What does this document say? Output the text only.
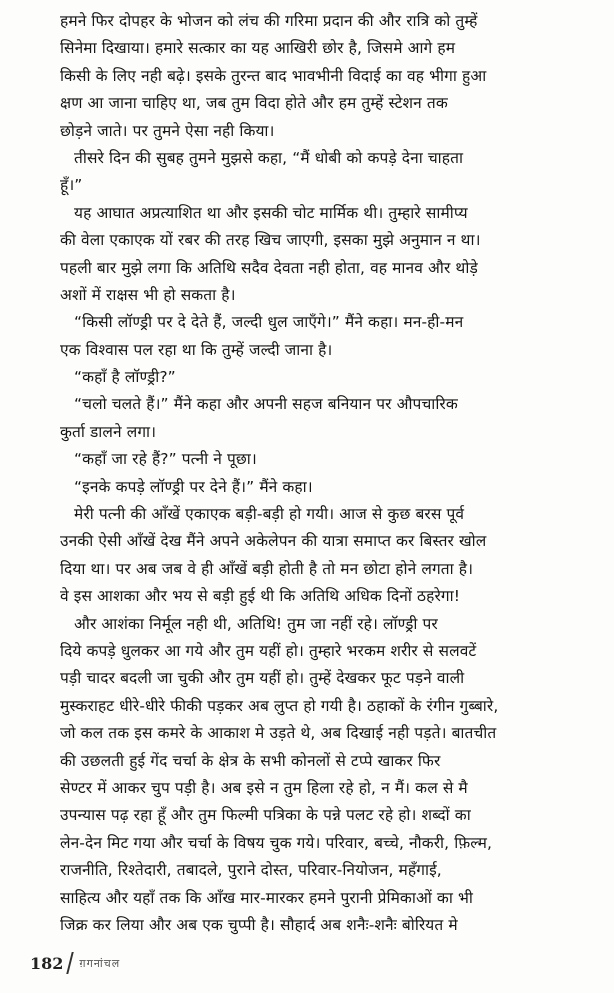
हमने फिर दोपहर के भोजन को लंच की गरिमा प्रदान की और रात्रि को तुम्हें
सिनेमा दिखाया। हमारे सत्कार का यह आखिरी छोर है, जिसमे आगे हम
किसी के लिए नही बढ़े। इसके तुरन्त बाद भावभीनी विदाई का वह भीगा हुआ
क्षण आ जाना चाहिए था, जब तुम विदा होते और हम तुम्हें स्टेशन तक
छोड़ने जाते। पर तुमने ऐसा नही किया।
तीसरे दिन की सुबह तुमने मुझसे कहा, “मैं धोबी को कपड़े देना चाहता
हूँ।”
यह आघात अप्रत्याशित था और इसकी चोट मार्मिक थी। तुम्हारे सामीप्य
की वेला एकाएक यों रबर की तरह खिच जाएगी, इसका मुझे अनुमान न था।
पहली बार मुझे लगा कि अतिथि सदैव देवता नही होता, वह मानव और थोड़े
अशों में राक्षस भी हो सकता है।
“किसी लॉण्ड्री पर दे देते हैं, जल्दी धुल जाएँगे।” मैंने कहा। मन-ही-मन
एक विश्वास पल रहा था कि तुम्हें जल्दी जाना है।
“कहाँ है लॉण्ड्री?”
“चलो चलते हैं।” मैंने कहा और अपनी सहज बनियान पर औपचारिक
कुर्ता डालने लगा।
“कहाँ जा रहे हैं?” पत्नी ने पूछा।
“इनके कपड़े लॉण्ड्री पर देने हैं।” मैंने कहा।
मेरी पत्नी की आँखें एकाएक बड़ी-बड़ी हो गयी। आज से कुछ बरस पूर्व
उनकी ऐसी आँखें देख मैंने अपने अकेलेपन की यात्रा समाप्त कर बिस्तर खोल
दिया था। पर अब जब वे ही आँखें बड़ी होती है तो मन छोटा होने लगता है।
वे इस आशका और भय से बड़ी हुई थी कि अतिथि अधिक दिनों ठहरेगा!
और आशंका निर्मूल नही थी, अतिथि! तुम जा नहीं रहे। लॉण्ड्री पर
दिये कपड़े धुलकर आ गये और तुम यहीं हो। तुम्हारे भरकम शरीर से सलवटें
पड़ी चादर बदली जा चुकी और तुम यहीं हो। तुम्हें देखकर फूट पड़ने वाली
मुस्कराहट धीरे-धीरे फीकी पड़कर अब लुप्त हो गयी है। ठहाकों के रंगीन गुब्बारे,
जो कल तक इस कमरे के आकाश मे उड़ते थे, अब दिखाई नही पड़ते। बातचीत
की उछलती हुई गेंद चर्चा के क्षेत्र के सभी कोनलों से टप्पे खाकर फिर
सेण्टर में आकर चुप पड़ी है। अब इसे न तुम हिला रहे हो, न मैं। कल से मै
उपन्यास पढ़ रहा हूँ और तुम फिल्मी पत्रिका के पन्ने पलट रहे हो। शब्दों का
लेन-देन मिट गया और चर्चा के विषय चुक गये। परिवार, बच्चे, नौकरी, फ़िल्म,
राजनीति, रिश्तेदारी, तबादले, पुराने दोस्त, परिवार-नियोजन, महँगाई,
साहित्य और यहाँ तक कि आँख मार-मारकर हमने पुरानी प्रेमिकाओं का भी
जिक्र कर लिया और अब एक चुप्पी है। सौहार्द अब शनैः-शनैः बोरियत मे
182 ग़गनांचल
